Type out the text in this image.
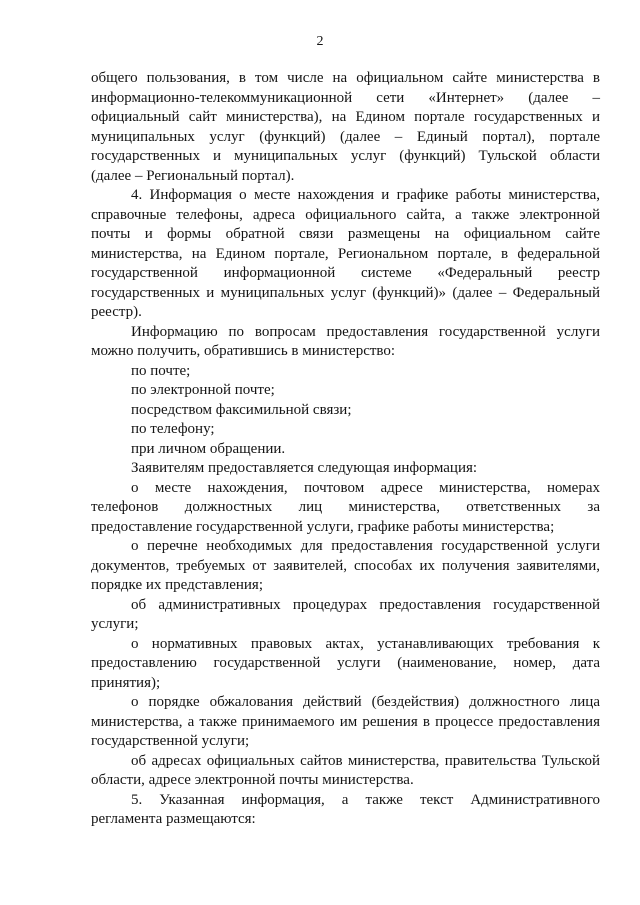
2
общего пользования, в том числе на официальном сайте министерства в
информационно-телекоммуникационной сети «Интернет» (далее –
официальный сайт министерства), на Едином портале государственных и
муниципальных услуг (функций) (далее – Единый портал), портале
государственных и муниципальных услуг (функций) Тульской области
(далее – Региональный портал).
4. Информация о месте нахождения и графике работы министерства,
справочные телефоны, адреса официального сайта, а также электронной
почты и формы обратной связи размещены на официальном сайте
министерства, на Едином портале, Региональном портале, в федеральной
государственной информационной системе «Федеральный реестр
государственных и муниципальных услуг (функций)» (далее – Федеральный
реестр).
Информацию по вопросам предоставления государственной услуги
можно получить, обратившись в министерство:
по почте;
по электронной почте;
посредством факсимильной связи;
по телефону;
при личном обращении.
Заявителям предоставляется следующая информация:
о месте нахождения, почтовом адресе министерства, номерах
телефонов должностных лиц министерства, ответственных за
предоставление государственной услуги, графике работы министерства;
о перечне необходимых для предоставления государственной услуги
документов, требуемых от заявителей, способах их получения заявителями,
порядке их представления;
об административных процедурах предоставления государственной
услуги;
о нормативных правовых актах, устанавливающих требования к
предоставлению государственной услуги (наименование, номер, дата
принятия);
о порядке обжалования действий (бездействия) должностного лица
министерства, а также принимаемого им решения в процессе предоставления
государственной услуги;
об адресах официальных сайтов министерства, правительства Тульской
области, адресе электронной почты министерства.
5. Указанная информация, а также текст Административного
регламента размещаются:
